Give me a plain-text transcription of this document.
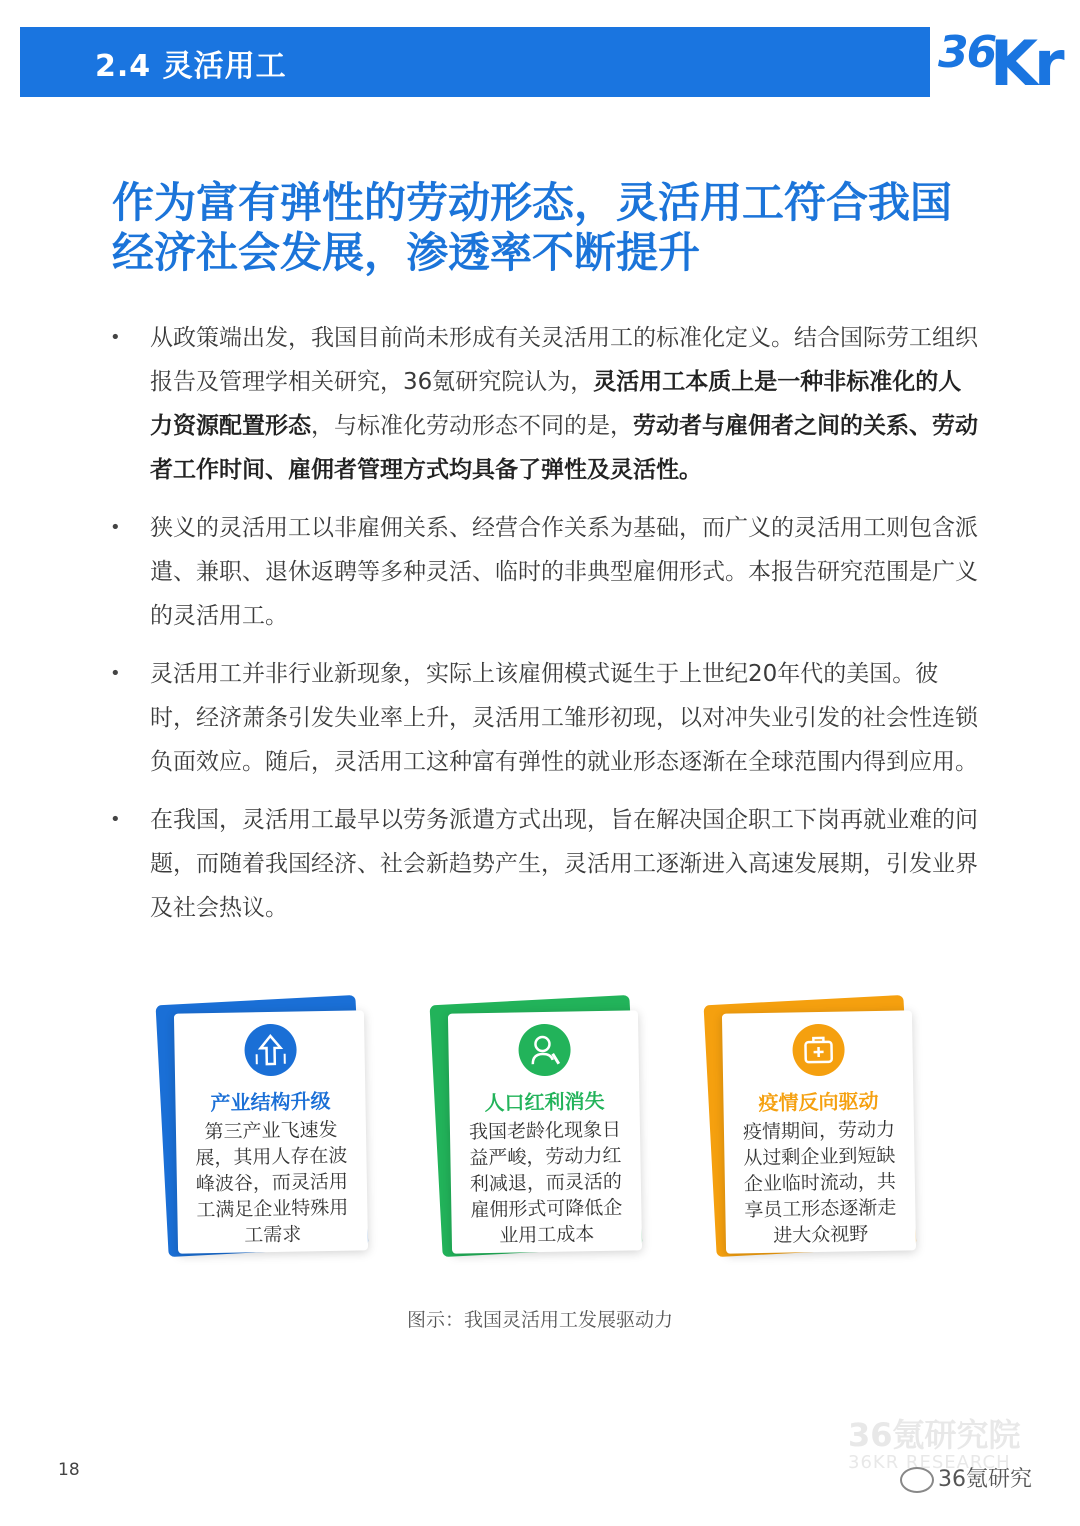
2.4 灵活用工	36
Kr
作为富有弹性的劳动形态，灵活用工符合我国
经济社会发展，渗透率不断提升
• 从政策端出发，我国目前尚未形成有关灵活用工的标准化定义。结合国际劳工组织报告及管理学相关研究，36氪研究院认为，灵活用工本质上是一种非标准化的人力资源配置形态，与标准化劳动形态不同的是，劳动者与雇佣者之间的关系、劳动者工作时间、雇佣者管理方式均具备了弹性及灵活性。
• 狭义的灵活用工以非雇佣关系、经营合作关系为基础，而广义的灵活用工则包含派遣、兼职、退休返聘等多种灵活、临时的非典型雇佣形式。本报告研究范围是广义的灵活用工。
• 灵活用工并非行业新现象，实际上该雇佣模式诞生于上世纪20年代的美国。彼时，经济萧条引发失业率上升，灵活用工雏形初现，以对冲失业引发的社会性连锁负面效应。随后，灵活用工这种富有弹性的就业形态逐渐在全球范围内得到应用。
• 在我国，灵活用工最早以劳务派遣方式出现，旨在解决国企职工下岗再就业难的问题，而随着我国经济、社会新趋势产生，灵活用工逐渐进入高速发展期，引发业界及社会热议。
产业结构升级
第三产业飞速发展，其用人存在波峰波谷，而灵活用工满足企业特殊用工需求
人口红利消失
我国老龄化现象日益严峻，劳动力红利减退，而灵活的雇佣形式可降低企业用工成本
疫情反向驱动
疫情期间，劳动力从过剩企业到短缺企业临时流动，共享员工形态逐渐走进大众视野
图示：我国灵活用工发展驱动力
18
36氪研究院
36KR RESEARCH
36氪研究
